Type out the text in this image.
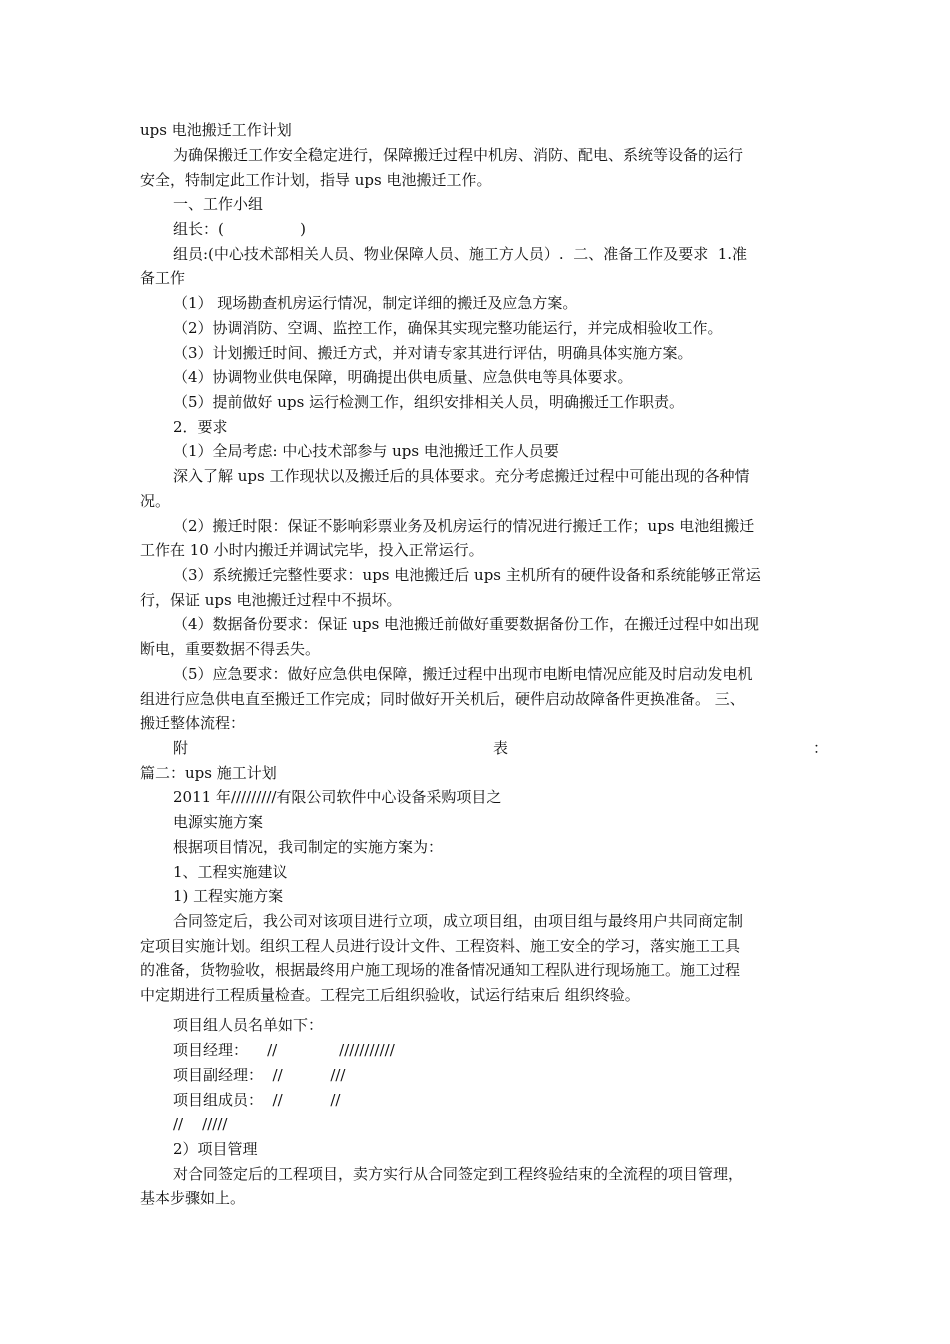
ups 电池搬迁工作计划
为确保搬迁工作安全稳定进行，保障搬迁过程中机房、消防、配电、系统等设备的运行
安全，特制定此工作计划，指导 ups 电池搬迁工作。
一、工作小组
组长：(                )
组员:(中心技术部相关人员、物业保障人员、施工方人员）.  二、准备工作及要求  1.准
备工作
（1） 现场勘查机房运行情况，制定详细的搬迁及应急方案。
（2）协调消防、空调、监控工作，确保其实现完整功能运行，并完成相验收工作。
（3）计划搬迁时间、搬迁方式，并对请专家其进行评估，明确具体实施方案。
（4）协调物业供电保障，明确提出供电质量、应急供电等具体要求。
（5）提前做好 ups 运行检测工作，组织安排相关人员，明确搬迁工作职责。
2．要求
（1）全局考虑: 中心技术部参与 ups 电池搬迁工作人员要
深入了解 ups 工作现状以及搬迁后的具体要求。充分考虑搬迁过程中可能出现的各种情
况。
（2）搬迁时限：保证不影响彩票业务及机房运行的情况进行搬迁工作；ups 电池组搬迁
工作在 10 小时内搬迁并调试完毕，投入正常运行。
（3）系统搬迁完整性要求：ups 电池搬迁后 ups 主机所有的硬件设备和系统能够正常运
行，保证 ups 电池搬迁过程中不损坏。
（4）数据备份要求：保证 ups 电池搬迁前做好重要数据备份工作，在搬迁过程中如出现
断电，重要数据不得丢失。
（5）应急要求：做好应急供电保障，搬迁过程中出现市电断电情况应能及时启动发电机
组进行应急供电直至搬迁工作完成；同时做好开关机后，硬件启动故障备件更换准备。 三、
搬迁整体流程：
附	表	：
篇二：ups 施工计划
2011 年/////////有限公司软件中心设备采购项目之
电源实施方案
根据项目情况，我司制定的实施方案为：
1、工程实施建议
1) 工程实施方案
合同签定后，我公司对该项目进行立项，成立项目组，由项目组与最终用户共同商定制
定项目实施计划。组织工程人员进行设计文件、工程资料、施工安全的学习，落实施工工具
的准备，货物验收，根据最终用户施工现场的准备情况通知工程队进行现场施工。施工过程
中定期进行工程质量检查。工程完工后组织验收，试运行结束后 组织终验。
项目组人员名单如下：
项目经理：    //             ///////////
项目副经理：  //          ///
项目组成员：  //          //
//    /////
2）项目管理
对合同签定后的工程项目，卖方实行从合同签定到工程终验结束的全流程的项目管理，
基本步骤如上。
